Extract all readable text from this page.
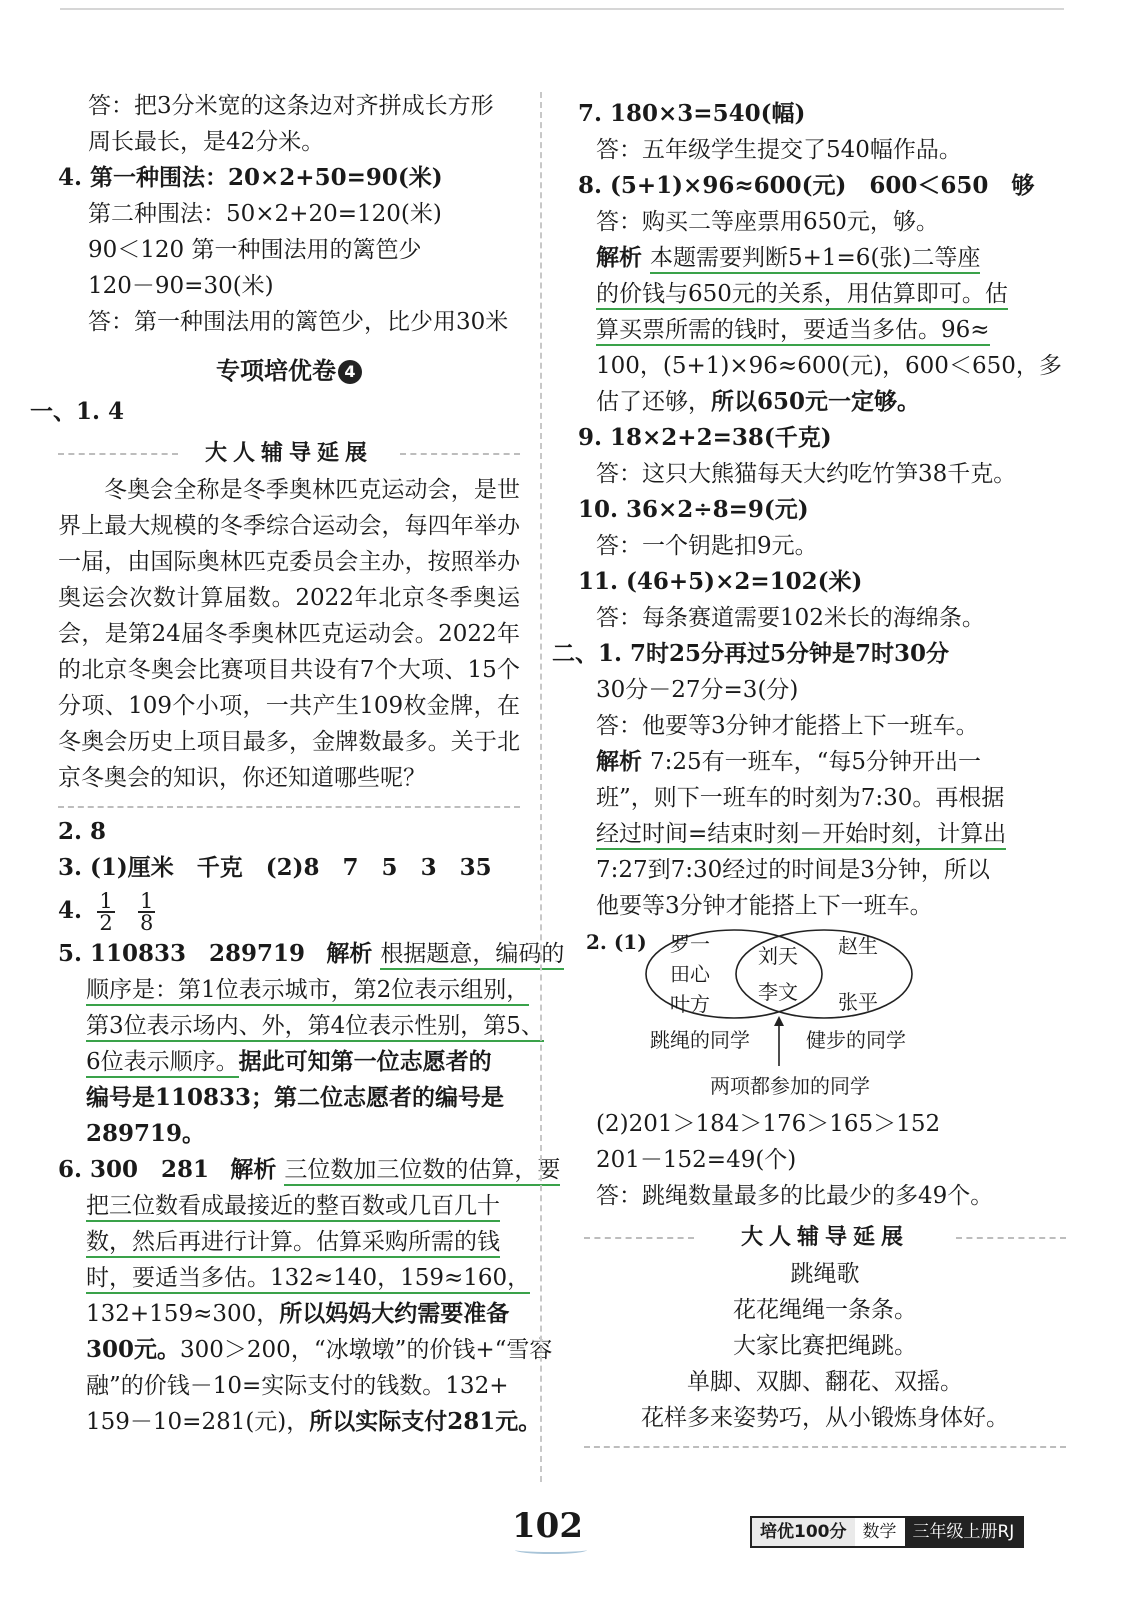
答：把3分米宽的这条边对齐拼成长方形
周长最长，是42分米。
4. 第一种围法：20×2+50=90(米)
第二种围法：50×2+20=120(米)
90＜120 第一种围法用的篱笆少
120－90=30(米)
答：第一种围法用的篱笆少，比少用30米
专项培优卷 4
一、1. 4
大人辅导延展
冬奥会全称是冬季奥林匹克运动会，是世界上最大规模的冬季综合运动会，每四年举办一届，由国际奥林匹克委员会主办，按照举办奥运会次数计算届数。2022年北京冬季奥运会，是第24届冬季奥林匹克运动会。2022年的北京冬奥会比赛项目共设有7个大项、15个分项、109个小项，一共产生109枚金牌，在冬奥会历史上项目最多，金牌数最多。关于北京冬奥会的知识，你还知道哪些呢？
2. 8
3. (1)厘米　千克　(2)8　7　5　3　35
4. $\frac{1}{2}$
$\frac{1}{8}$
5. 110833　289719 解析 根据题意，编码的
顺序是：第1位表示城市，第2位表示组别，
第3位表示场内、外，第4位表示性别，第5、
6位表示顺序。据此可知第一位志愿者的
编号是110833；第二位志愿者的编号是
289719。
6. 300　281 解析 三位数加三位数的估算，要
把三位数看成最接近的整百数或几百几十
数，然后再进行计算。估算采购所需的钱
时，要适当多估。132≈140，159≈160，
132+159≈300，所以妈妈大约需要准备
300元。300＞200，“冰墩墩”的价钱+“雪容
融”的价钱－10=实际支付的钱数。132+
159－10=281(元)，所以实际支付281元。
7. 180×3=540(幅)
答：五年级学生提交了540幅作品。
8. (5+1)×96≈600(元)　600＜650　够
答：购买二等座票用650元，够。
解析 本题需要判断5+1=6(张)二等座
的价钱与650元的关系，用估算即可。估
算买票所需的钱时，要适当多估。96≈
100，(5+1)×96≈600(元)，600＜650，多
估了还够，所以650元一定够。
9. 18×2+2=38(千克)
答：这只大熊猫每天大约吃竹笋38千克。
10. 36×2÷8=9(元)
答：一个钥匙扣9元。
11. (46+5)×2=102(米)
答：每条赛道需要102米长的海绵条。
二、1. 7时25分再过5分钟是7时30分
30分－27分=3(分)
答：他要等3分钟才能搭上下一班车。
解析 7:25有一班车，“每5分钟开出一
班”，则下一班车的时刻为7:30。再根据
经过时间=结束时刻－开始时刻，计算出
7:27到7:30经过的时间是3分钟，所以
他要等3分钟才能搭上下一班车。
2. (1) 罗一
田心
叶方
刘天
李文
赵生
张平
跳绳的同学	健步的同学
两项都参加的同学
(2)201＞184＞176＞165＞152
201－152=49(个)
答：跳绳数量最多的比最少的多49个。
大人辅导延展
跳绳歌
花花绳绳一条条。
大家比赛把绳跳。
单脚、双脚、翻花、双摇。
花样多来姿势巧，从小锻炼身体好。
102	培优100分 数学 三年级上册RJ
